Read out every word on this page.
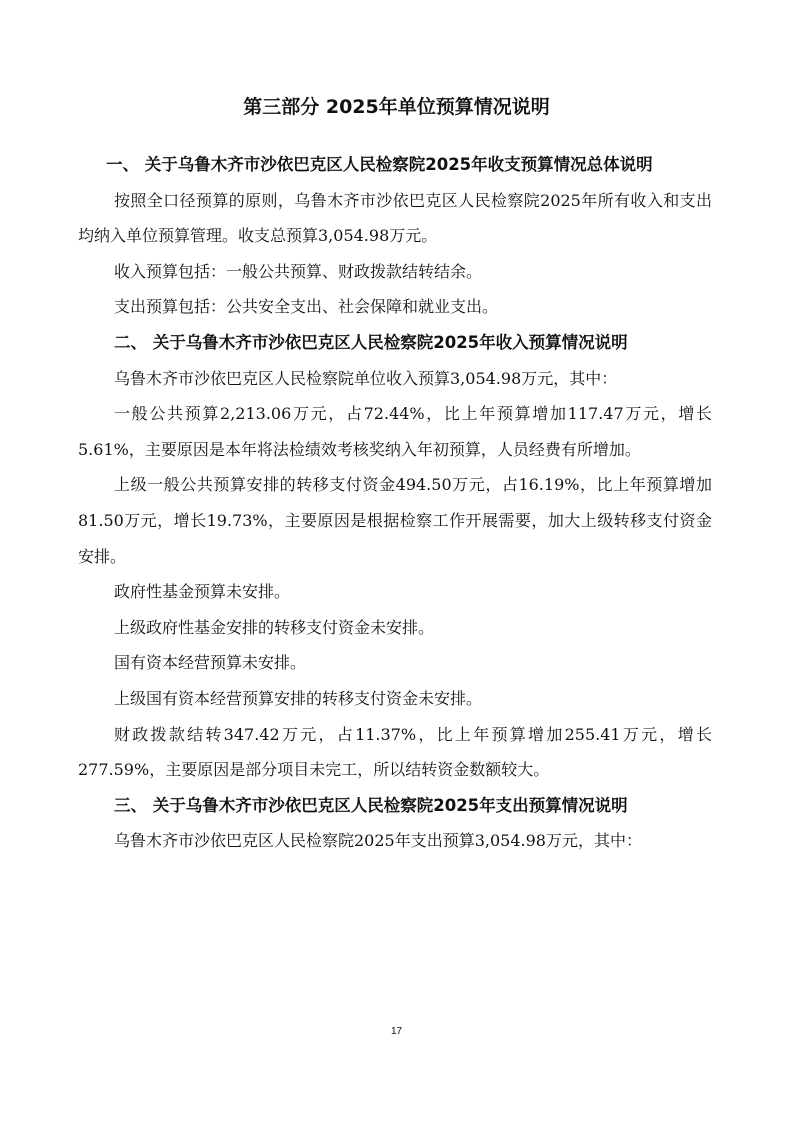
第三部分 2025年单位预算情况说明

一、 关于乌鲁木齐市沙依巴克区人民检察院2025年收支预算情况总体说明

按照全口径预算的原则，乌鲁木齐市沙依巴克区人民检察院2025年所有收入和支出均纳入单位预算管理。收支总预算3,054.98万元。

收入预算包括：一般公共预算、财政拨款结转结余。

支出预算包括：公共安全支出、社会保障和就业支出。

二、 关于乌鲁木齐市沙依巴克区人民检察院2025年收入预算情况说明

乌鲁木齐市沙依巴克区人民检察院单位收入预算3,054.98万元，其中：

一般公共预算2,213.06万元，占72.44%，比上年预算增加117.47万元，增长5.61%，主要原因是本年将法检绩效考核奖纳入年初预算，人员经费有所增加。

上级一般公共预算安排的转移支付资金494.50万元，占16.19%，比上年预算增加81.50万元，增长19.73%，主要原因是根据检察工作开展需要，加大上级转移支付资金安排。

政府性基金预算未安排。

上级政府性基金安排的转移支付资金未安排。

国有资本经营预算未安排。

上级国有资本经营预算安排的转移支付资金未安排。

财政拨款结转347.42万元，占11.37%，比上年预算增加255.41万元，增长277.59%，主要原因是部分项目未完工，所以结转资金数额较大。

三、 关于乌鲁木齐市沙依巴克区人民检察院2025年支出预算情况说明

乌鲁木齐市沙依巴克区人民检察院2025年支出预算3,054.98万元，其中：

17
